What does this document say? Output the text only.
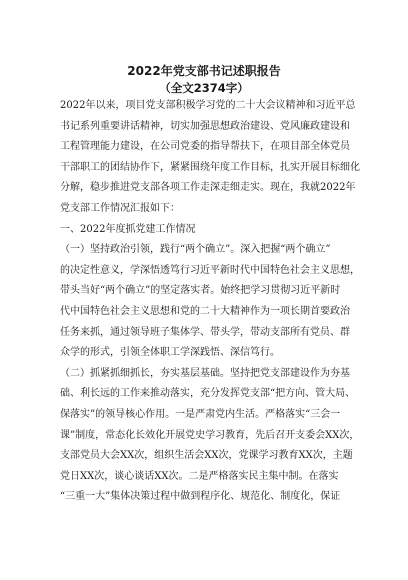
2022年党支部书记述职报告
（全文2374字）
2022年以来，项目党支部积极学习党的二十大会议精神和习近平总
书记系列重要讲话精神，切实加强思想政治建设、党风廉政建设和
工程管理能力建设，在公司党委的指导帮扶下，在项目部全体党员
干部职工的团结协作下，紧紧围绕年度工作目标，扎实开展目标细化
分解，稳步推进党支部各项工作走深走细走实。现在，我就2022年
党支部工作情况汇报如下：
一、2022年度抓党建工作情况
（一）坚持政治引领，践行“两个确立”。深入把握“两个确立”
的决定性意义，学深悟透笃行习近平新时代中国特色社会主义思想，
带头当好“两个确立”的坚定落实者。始终把学习贯彻习近平新时
代中国特色社会主义思想和党的二十大精神作为一项长期首要政治
任务来抓，通过领导班子集体学、带头学，带动支部所有党员、群
众学的形式，引领全体职工学深践悟、深信笃行。
（二）抓紧抓细抓长，夯实基层基础。坚持把党支部建设作为夯基
础、利长远的工作来推动落实，充分发挥党支部“把方向、管大局、
保落实”的领导核心作用。一是严肃党内生活。严格落实“三会一
课”制度，常态化长效化开展党史学习教育，先后召开支委会XX次，
支部党员大会XX次，组织生活会XX次，党课学习教育XX次，主题
党日XX次，谈心谈话XX次。二是严格落实民主集中制。在落实
“三重一大”集体决策过程中做到程序化、规范化、制度化，保证
